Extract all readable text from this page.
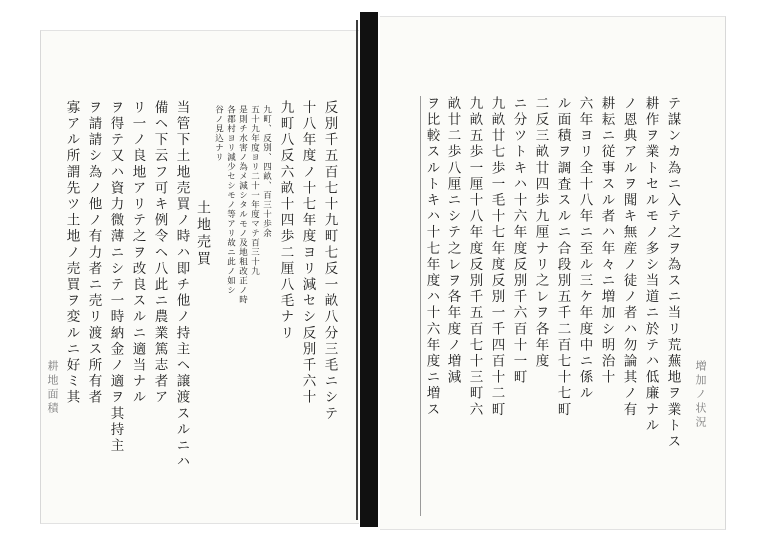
反別千五百七十九町七反一畝八分三毛ニシテ
十八年度ノ十七年度ヨリ減セシ反別千六十
九町八反六畝十四歩二厘八毛ナリ
九町、反別、四畝、百三十歩余
五十九年度ヨリ二十一年度マテ百三十九
是則チ水害ノ為メ減シタルモノ及地租改正ノ時
各郡村ヨリ減少セシモノ等アリ故ニ此ノ如シ
谷ノ見込ナリ
土地売買
当管下土地売買ノ時ハ即チ他ノ持主ヘ譲渡スルニハ
備ヘ下云フ可キ例令ヘ八此ニ農業篤志者ア
リ一ノ良地アリテ之ヲ改良スルニ適当ナル
ヲ得テ又ハ資力微薄ニシテ一時納金ノ適ヲ其持主
ヲ請請シ為ノ他ノ有力者ニ売リ渡ス所有者
寡アル所謂先ツ土地ノ売買ヲ変ルニ好ミ其
耕地面積	テ謀ンカ為ニ入テ之ヲ為スニ当リ荒蕪地ヲ業トス
耕作ヲ業トセルモノ多シ当道ニ於テハ低廉ナル
ノ恩典アルヲ聞キ無産ノ徒ノ者ハ勿論其ノ有
耕耘ニ従事スル者ハ年々ニ増加シ明治十
六年ヨリ全十八年ニ至ル三ケ年度中ニ係ル
ル面積ヲ調査スルニ合段別五千二百七十七町
二反三畝廿四歩九厘ナリ之レヲ各年度
ニ分ツトキハ十六年度反別千六百十一町
九畝廿七歩一毛十七年度反別一千四百十二町
九畝五歩一厘十八年度反別千五百七十三町六
畝廿二歩八厘ニシテ之レヲ各年度ノ増減
ヲ比較スルトキハ十七年度ハ十六年度ニ増ス	増加ノ状況
